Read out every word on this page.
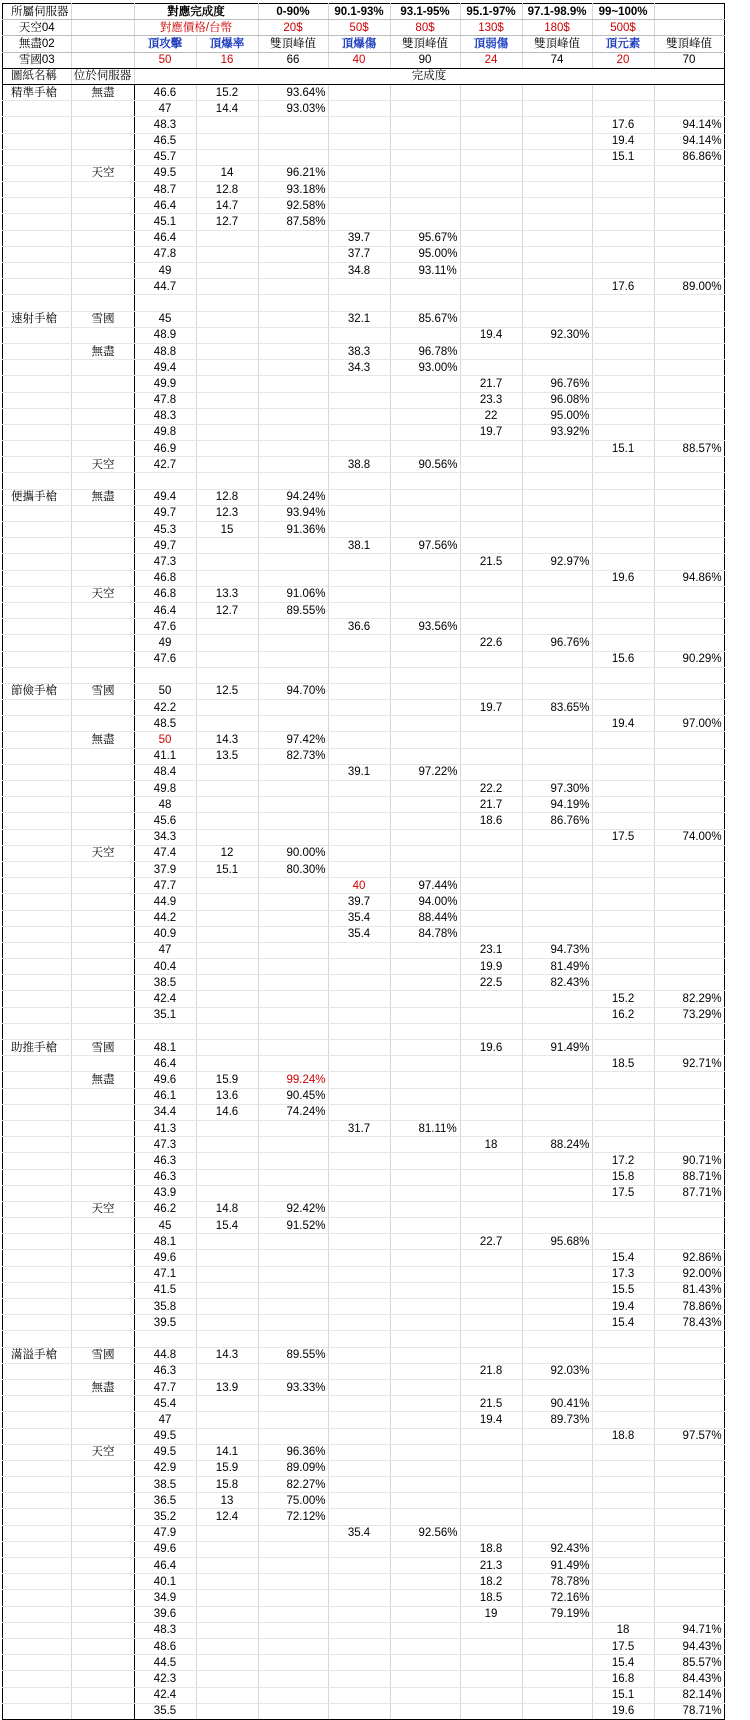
所屬伺服器		對應完成度		0-90%	90.1-93%	93.1-95%	95.1-97%	97.1-98.9%	99~100%	
天空04		對應價格/台幣		20$	50$	80$	130$	180$	500$	
無盡02		頂攻擊	頂爆率	雙頂峰值	頂爆傷	雙頂峰值	頂弱傷	雙頂峰值	頂元素	雙頂峰值
雪國03		50	16	66	40	90	24	74	20	70
圖紙名稱	位於伺服器	完成度								
精準手槍	無盡	46.6	15.2	93.64%						
		47	14.4	93.03%						
		48.3							17.6	94.14%
		46.5							19.4	94.14%
		45.7							15.1	86.86%
	天空	49.5	14	96.21%						
		48.7	12.8	93.18%						
		46.4	14.7	92.58%						
		45.1	12.7	87.58%						
		46.4			39.7	95.67%				
		47.8			37.7	95.00%				
		49			34.8	93.11%				
		44.7							17.6	89.00%

速射手槍	雪國	45			32.1	85.67%				
		48.9					19.4	92.30%		
	無盡	48.8			38.3	96.78%				
		49.4			34.3	93.00%				
		49.9					21.7	96.76%		
		47.8					23.3	96.08%		
		48.3					22	95.00%		
		49.8					19.7	93.92%		
		46.9							15.1	88.57%
	天空	42.7			38.8	90.56%				

便攜手槍	無盡	49.4	12.8	94.24%						
		49.7	12.3	93.94%						
		45.3	15	91.36%						
		49.7			38.1	97.56%				
		47.3					21.5	92.97%		
		46.8							19.6	94.86%
	天空	46.8	13.3	91.06%						
		46.4	12.7	89.55%						
		47.6			36.6	93.56%				
		49					22.6	96.76%		
		47.6							15.6	90.29%

節儉手槍	雪國	50	12.5	94.70%						
		42.2					19.7	83.65%		
		48.5							19.4	97.00%
	無盡	50	14.3	97.42%						
		41.1	13.5	82.73%						
		48.4			39.1	97.22%				
		49.8					22.2	97.30%		
		48					21.7	94.19%		
		45.6					18.6	86.76%		
		34.3							17.5	74.00%
	天空	47.4	12	90.00%						
		37.9	15.1	80.30%						
		47.7			40	97.44%				
		44.9			39.7	94.00%				
		44.2			35.4	88.44%				
		40.9			35.4	84.78%				
		47					23.1	94.73%		
		40.4					19.9	81.49%		
		38.5					22.5	82.43%		
		42.4							15.2	82.29%
		35.1							16.2	73.29%

助推手槍	雪國	48.1					19.6	91.49%		
		46.4							18.5	92.71%
	無盡	49.6	15.9	99.24%						
		46.1	13.6	90.45%						
		34.4	14.6	74.24%						
		41.3			31.7	81.11%				
		47.3					18	88.24%		
		46.3							17.2	90.71%
		46.3							15.8	88.71%
		43.9							17.5	87.71%
	天空	46.2	14.8	92.42%						
		45	15.4	91.52%						
		48.1					22.7	95.68%		
		49.6							15.4	92.86%
		47.1							17.3	92.00%
		41.5							15.5	81.43%
		35.8							19.4	78.86%
		39.5							15.4	78.43%

滿溢手槍	雪國	44.8	14.3	89.55%						
		46.3					21.8	92.03%		
	無盡	47.7	13.9	93.33%						
		45.4					21.5	90.41%		
		47					19.4	89.73%		
		49.5							18.8	97.57%
	天空	49.5	14.1	96.36%						
		42.9	15.9	89.09%						
		38.5	15.8	82.27%						
		36.5	13	75.00%						
		35.2	12.4	72.12%						
		47.9			35.4	92.56%				
		49.6					18.8	92.43%		
		46.4					21.3	91.49%		
		40.1					18.2	78.78%		
		34.9					18.5	72.16%		
		39.6					19	79.19%		
		48.3							18	94.71%
		48.6							17.5	94.43%
		44.5							15.4	85.57%
		42.3							16.8	84.43%
		42.4							15.1	82.14%
		35.5							19.6	78.71%
